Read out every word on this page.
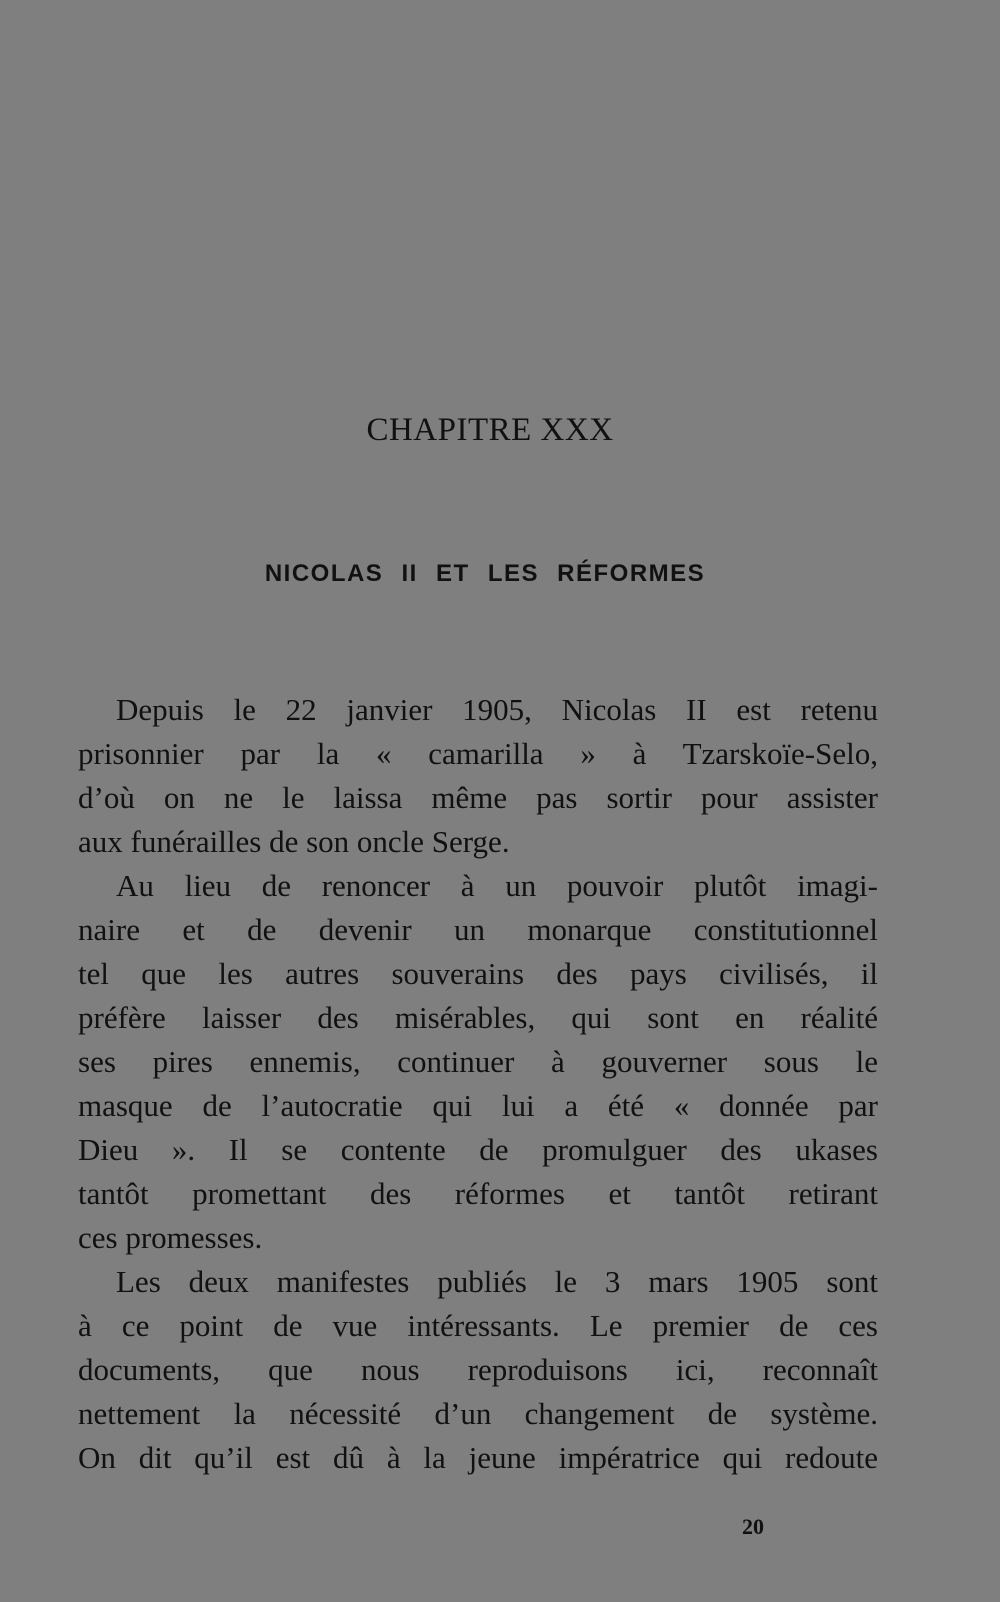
CHAPITRE XXX
NICOLAS II ET LES RÉFORMES
Depuis le 22 janvier 1905, Nicolas II est retenu
prisonnier par la « camarilla » à Tzarskoïe-Selo,
d’où on ne le laissa même pas sortir pour assister
aux funérailles de son oncle Serge.
Au lieu de renoncer à un pouvoir plutôt imagi-
naire et de devenir un monarque constitutionnel
tel que les autres souverains des pays civilisés, il
préfère laisser des misérables, qui sont en réalité
ses pires ennemis, continuer à gouverner sous le
masque de l’autocratie qui lui a été « donnée par
Dieu ». Il se contente de promulguer des ukases
tantôt promettant des réformes et tantôt retirant
ces promesses.
Les deux manifestes publiés le 3 mars 1905 sont
à ce point de vue intéressants. Le premier de ces
documents, que nous reproduisons ici, reconnaît
nettement la nécessité d’un changement de système.
On dit qu’il est dû à la jeune impératrice qui redoute
20
